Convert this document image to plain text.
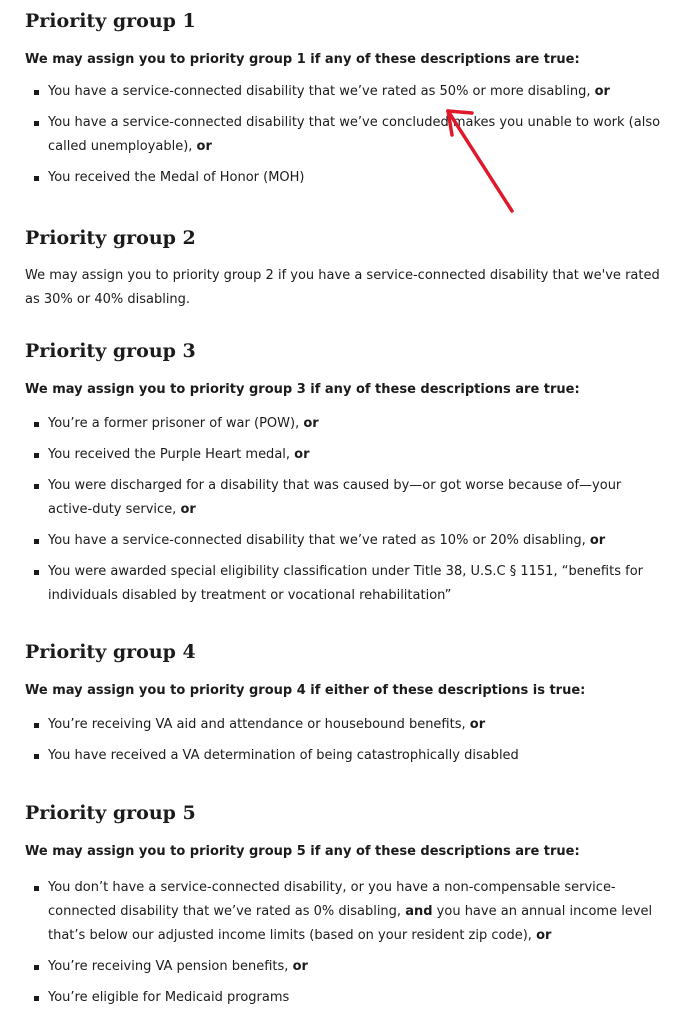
Priority group 1

We may assign you to priority group 1 if any of these descriptions are true:

You have a service-connected disability that we’ve rated as 50% or more disabling, or
You have a service-connected disability that we’ve concluded makes you unable to work (also called unemployable), or
You received the Medal of Honor (MOH)
Priority group 2

We may assign you to priority group 2 if you have a service-connected disability that we've rated as 30% or 40% disabling.

Priority group 3

We may assign you to priority group 3 if any of these descriptions are true:

You’re a former prisoner of war (POW), or
You received the Purple Heart medal, or
You were discharged for a disability that was caused by—or got worse because of—your active-duty service, or
You have a service-connected disability that we’ve rated as 10% or 20% disabling, or
You were awarded special eligibility classification under Title 38, U.S.C § 1151, “benefits for individuals disabled by treatment or vocational rehabilitation”
Priority group 4

We may assign you to priority group 4 if either of these descriptions is true:

You’re receiving VA aid and attendance or housebound benefits, or
You have received a VA determination of being catastrophically disabled
Priority group 5

We may assign you to priority group 5 if any of these descriptions are true:

You don’t have a service-connected disability, or you have a non-compensable service-connected disability that we’ve rated as 0% disabling, and you have an annual income level that’s below our adjusted income limits (based on your resident zip code), or
You’re receiving VA pension benefits, or
You’re eligible for Medicaid programs
